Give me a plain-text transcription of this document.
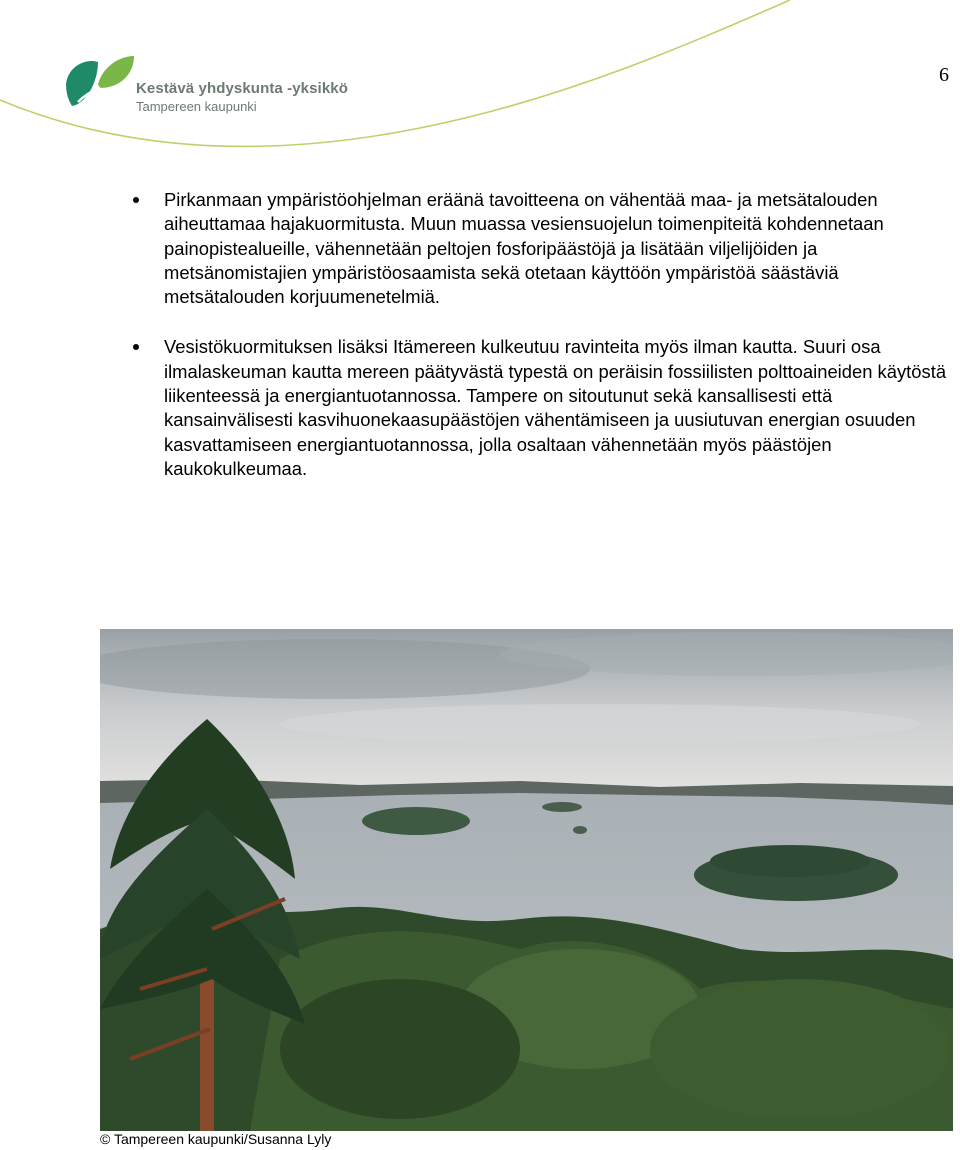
Kestävä yhdyskunta -yksikkö
Tampereen kaupunki
6

Pirkanmaan ympäristöohjelman eräänä tavoitteena on vähentää maa- ja metsätalouden aiheuttamaa hajakuormitusta. Muun muassa vesiensuojelun toimenpiteitä kohdennetaan painopistealueille, vähennetään peltojen fosforipäästöjä ja lisätään viljelijöiden ja metsänomistajien ympäristöosaamista sekä otetaan käyttöön ympäristöä säästäviä metsätalouden korjuumenetelmiä.

Vesistökuormituksen lisäksi Itämereen kulkeutuu ravinteita myös ilman kautta. Suuri osa ilmalaskeuman kautta mereen päätyvästä typestä on peräisin fossiilisten polttoaineiden käytöstä liikenteessä ja energiantuotannossa. Tampere on sitoutunut sekä kansallisesti että kansainvälisesti kasvihuonekaasupäästöjen vähentämiseen ja uusiutuvan energian osuuden kasvattamiseen energiantuotannossa, jolla osaltaan vähennetään myös päästöjen kaukokulkeumaa.

© Tampereen kaupunki/Susanna Lyly
